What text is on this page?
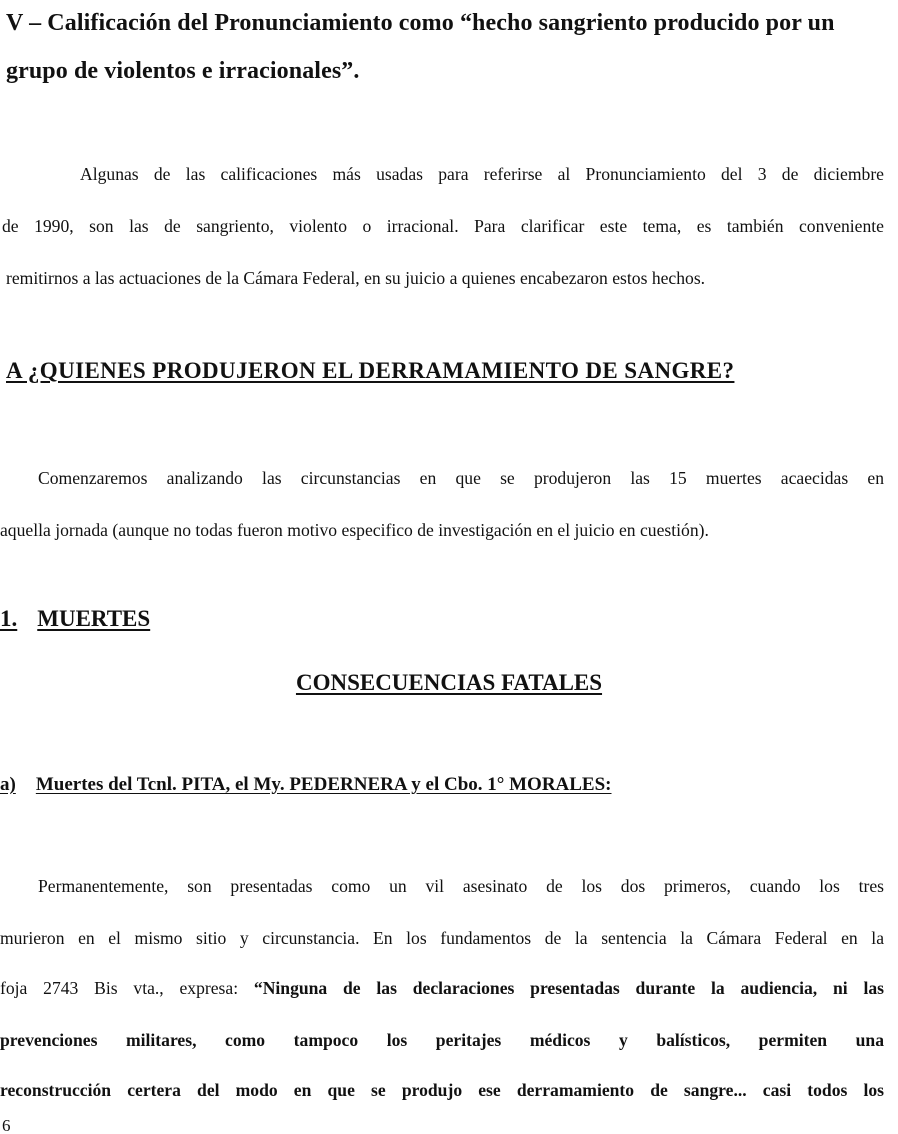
V – Calificación del Pronunciamiento como “hecho sangriento producido por un

grupo de violentos e irracionales”.

Algunas de las calificaciones más usadas para referirse al Pronunciamiento del 3 de diciembre

de 1990, son las de sangriento, violento o irracional. Para clarificar este tema, es también conveniente

remitirnos a las actuaciones de la Cámara Federal, en su juicio a quienes encabezaron estos hechos.

A ¿QUIENES PRODUJERON EL DERRAMAMIENTO DE SANGRE?

Comenzaremos analizando las circunstancias en que se produjeron las 15 muertes acaecidas en

aquella jornada (aunque no todas fueron motivo especifico de investigación en el juicio en cuestión).

1. MUERTES

CONSECUENCIAS FATALES

a) Muertes del Tcnl. PITA, el My. PEDERNERA y el Cbo. 1° MORALES:

Permanentemente, son presentadas como un vil asesinato de los dos primeros, cuando los tres

murieron en el mismo sitio y circunstancia. En los fundamentos de la sentencia la Cámara Federal en la

foja 2743 Bis vta., expresa: “Ninguna de las declaraciones presentadas durante la audiencia, ni las

prevenciones militares, como tampoco los peritajes médicos y balísticos, permiten una

reconstrucción certera del modo en que se produjo ese derramamiento de sangre... casi todos los

6
